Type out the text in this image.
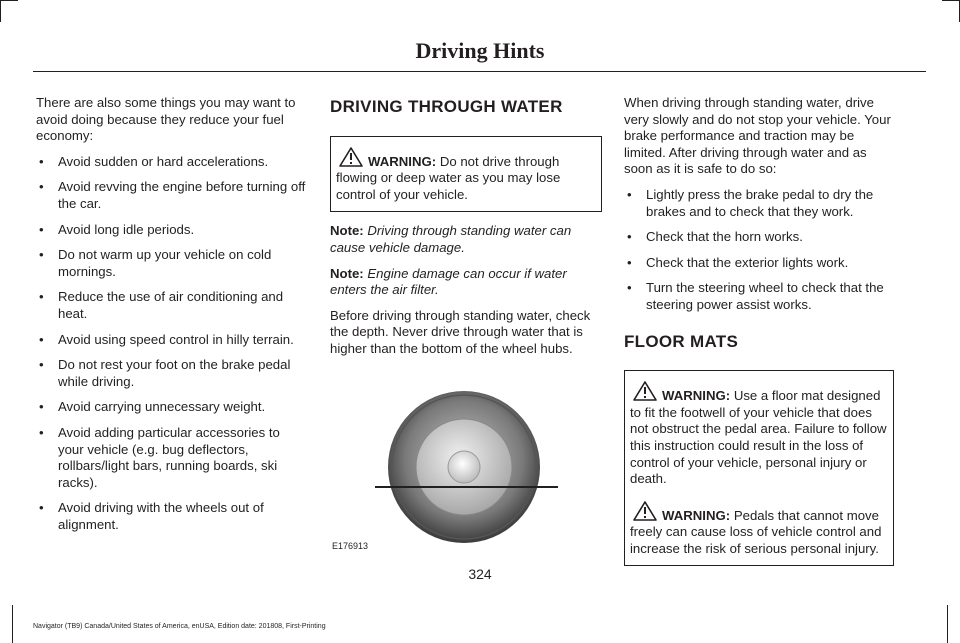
Driving Hints

There are also some things you may want to avoid doing because they reduce your fuel economy:

• Avoid sudden or hard accelerations.
• Avoid revving the engine before turning off the car.
• Avoid long idle periods.
• Do not warm up your vehicle on cold mornings.
• Reduce the use of air conditioning and heat.
• Avoid using speed control in hilly terrain.
• Do not rest your foot on the brake pedal while driving.
• Avoid carrying unnecessary weight.
• Avoid adding particular accessories to your vehicle (e.g. bug deflectors, rollbars/light bars, running boards, ski racks).
• Avoid driving with the wheels out of alignment.
DRIVING THROUGH WATER

WARNING: Do not drive through flowing or deep water as you may lose control of your vehicle.

Note: Driving through standing water can cause vehicle damage.

Note: Engine damage can occur if water enters the air filter.

Before driving through standing water, check the depth. Never drive through water that is higher than the bottom of the wheel hubs.

E176913

When driving through standing water, drive very slowly and do not stop your vehicle. Your brake performance and traction may be limited. After driving through water and as soon as it is safe to do so:

• Lightly press the brake pedal to dry the brakes and to check that they work.
• Check that the horn works.
• Check that the exterior lights work.
• Turn the steering wheel to check that the steering power assist works.
FLOOR MATS

WARNING: Use a floor mat designed to fit the footwell of your vehicle that does not obstruct the pedal area. Failure to follow this instruction could result in the loss of control of your vehicle, personal injury or death.

WARNING: Pedals that cannot move freely can cause loss of vehicle control and increase the risk of serious personal injury.

324
Navigator (TB9) Canada/United States of America, enUSA, Edition date: 201808, First-Printing
